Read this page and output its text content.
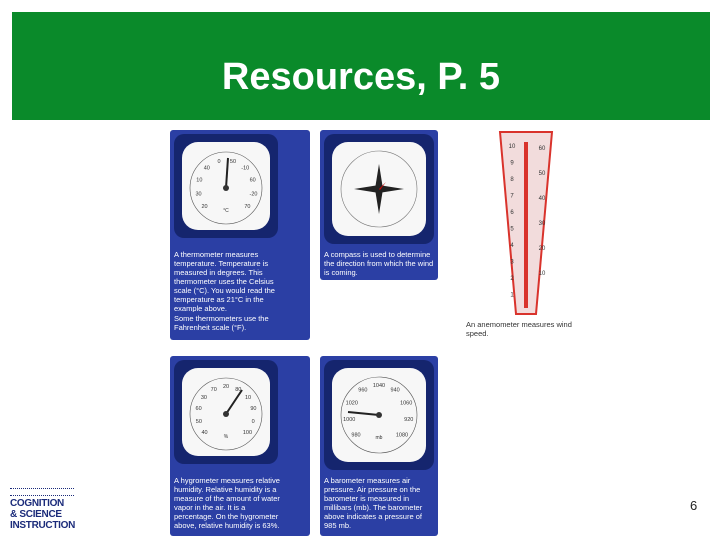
Resources, P. 5
20
30
10
40
0 50
-10
60
-20
70
°C
A thermometer measures temperature. Temperature is measured in degrees. This thermometer uses the Celsius scale (°C). You would read the temperature as 21°C in the example above.
Some thermometers use the Fahrenheit scale (°F).
A compass is used to determine the direction from which the wind is coming.
10
9
8
7
6
5
4
3
2
1
60
50
40
30
20
10
An anemometer measures wind speed.
40
50
60
30
70 20 80
10
90
0
100
%
A hygrometer measures relative humidity. Relative humidity is a measure of the amount of water vapor in the air. It is a percentage. On the hygrometer above, relative humidity is 63%.
980
1000
1020
960
1040
940
1060
920
1080
mb
A barometer measures air pressure. Air pressure on the barometer is measured in millibars (mb). The barometer above indicates a pressure of 985 mb.
COGNITION
& SCIENCE
INSTRUCTION
6
